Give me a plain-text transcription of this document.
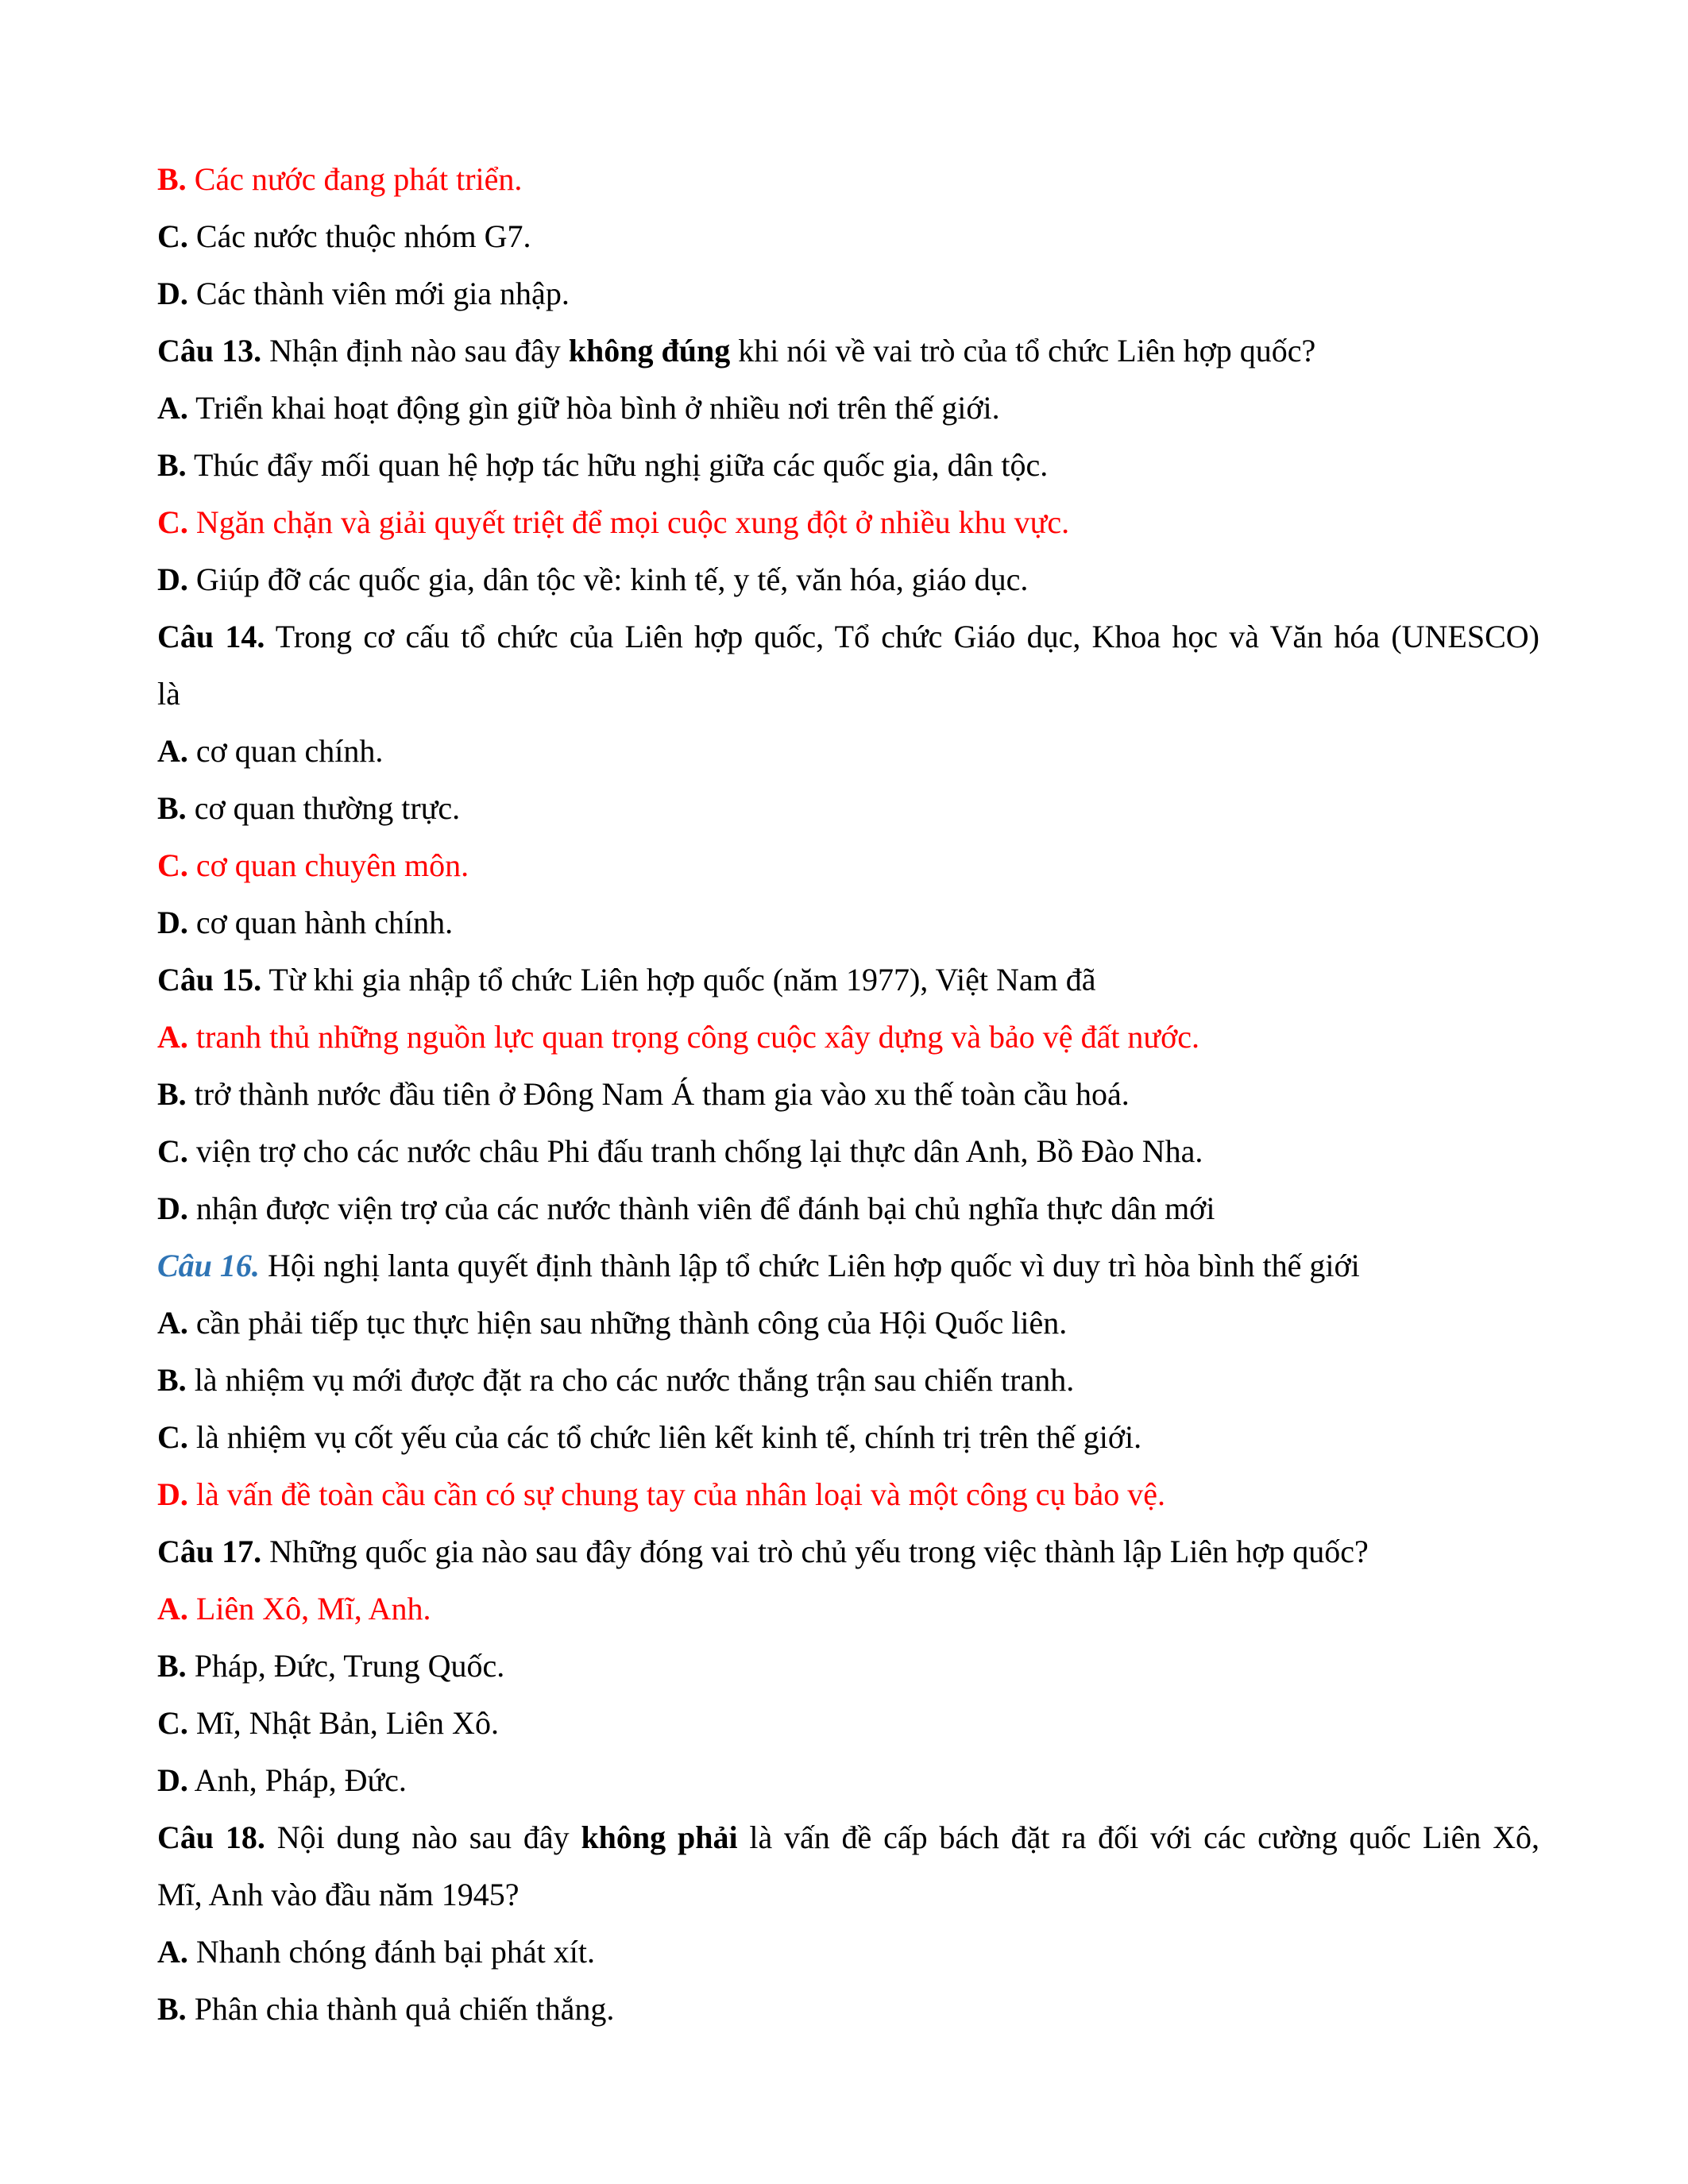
B. Các nước đang phát triển.
C. Các nước thuộc nhóm G7.
D. Các thành viên mới gia nhập.
Câu 13. Nhận định nào sau đây không đúng khi nói về vai trò của tổ chức Liên hợp quốc?
A. Triển khai hoạt động gìn giữ hòa bình ở nhiều nơi trên thế giới.
B. Thúc đẩy mối quan hệ hợp tác hữu nghị giữa các quốc gia, dân tộc.
C. Ngăn chặn và giải quyết triệt để mọi cuộc xung đột ở nhiều khu vực.
D. Giúp đỡ các quốc gia, dân tộc về: kinh tế, y tế, văn hóa, giáo dục.
Câu 14. Trong cơ cấu tổ chức của Liên hợp quốc, Tổ chức Giáo dục, Khoa học và Văn hóa (UNESCO)
là
A. cơ quan chính.
B. cơ quan thường trực.
C. cơ quan chuyên môn.
D. cơ quan hành chính.
Câu 15. Từ khi gia nhập tổ chức Liên hợp quốc (năm 1977), Việt Nam đã
A. tranh thủ những nguồn lực quan trọng công cuộc xây dựng và bảo vệ đất nước.
B. trở thành nước đầu tiên ở Đông Nam Á tham gia vào xu thế toàn cầu hoá.
C. viện trợ cho các nước châu Phi đấu tranh chống lại thực dân Anh, Bồ Đào Nha.
D. nhận được viện trợ của các nước thành viên để đánh bại chủ nghĩa thực dân mới
Câu 16. Hội nghị lanta quyết định thành lập tổ chức Liên hợp quốc vì duy trì hòa bình thế giới
A. cần phải tiếp tục thực hiện sau những thành công của Hội Quốc liên.
B. là nhiệm vụ mới được đặt ra cho các nước thắng trận sau chiến tranh.
C. là nhiệm vụ cốt yếu của các tổ chức liên kết kinh tế, chính trị trên thế giới.
D. là vấn đề toàn cầu cần có sự chung tay của nhân loại và một công cụ bảo vệ.
Câu 17. Những quốc gia nào sau đây đóng vai trò chủ yếu trong việc thành lập Liên hợp quốc?
A. Liên Xô, Mĩ, Anh.
B. Pháp, Đức, Trung Quốc.
C. Mĩ, Nhật Bản, Liên Xô.
D. Anh, Pháp, Đức.
Câu 18. Nội dung nào sau đây không phải là vấn đề cấp bách đặt ra đối với các cường quốc Liên Xô,
Mĩ, Anh vào đầu năm 1945?
A. Nhanh chóng đánh bại phát xít.
B. Phân chia thành quả chiến thắng.
